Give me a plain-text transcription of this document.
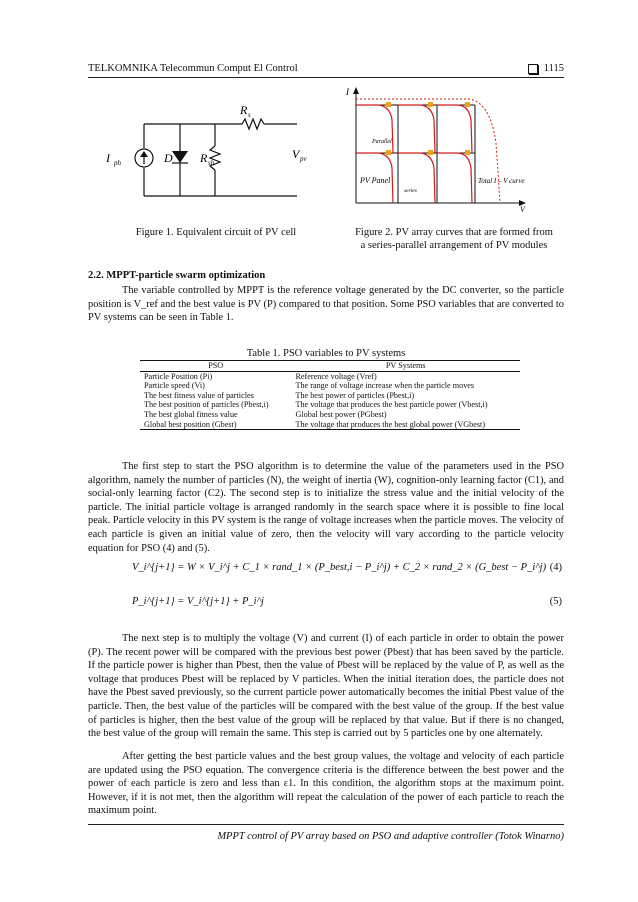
TELKOMNIKA Telecommun Comput El Control	1115
I ph	D R sh
R s
V pv
Figure 1. Equivalent circuit of PV cell
I
V
Parallel
PV Panel
series
Total I – V curve
Figure 2. PV array curves that are formed from
a series-parallel arrangement of PV modules
2.2. MPPT-particle swarm optimization
The variable controlled by MPPT is the reference voltage generated by the DC converter, so the particle position is V_ref and the best value is PV (P) compared to that position. Some PSO variables that are converted to PV systems can be seen in Table 1.
Table 1. PSO variables to PV systems
PSO	PV Systems
Particle Position (Pi)	Reference voltage (Vref)
Particle speed (Vi)	The range of voltage increase when the particle moves
The best fitness value of particles	The best power of particles (Pbest,i)
The best position of particles (Pbest,i)	The voltage that produces the best particle power (Vbest,i)
The best global fitness value	Global best power (PGbest)
Global best position (Gbest)	The voltage that produces the best global power (VGbest)
The first step to start the PSO algorithm is to determine the value of the parameters used in the PSO algorithm, namely the number of particles (N), the weight of inertia (W), cognition-only learning factor (C1), and social-only learning factor (C2). The second step is to initialize the stress value and the initial velocity of the particle. The initial particle voltage is arranged randomly in the search space where it is possible to fine local peak. Particle velocity in this PV system is the range of voltage increases when the particle moves. The velocity of each particle is given an initial value of zero, then the velocity will vary according to the particle velocity equation for PSO (4) and (5).
V_i^{j+1} = W × V_i^j + C_1 × rand_1 × (P_best,i − P_i^j) + C_2 × rand_2 × (G_best − P_i^j) (4)
P_i^{j+1} = V_i^{j+1} + P_i^j	(5)
The next step is to multiply the voltage (V) and current (I) of each particle in order to obtain the power (P). The recent power will be compared with the previous best power (Pbest) that has been saved by the particle. If the particle power is higher than Pbest, then the value of Pbest will be replaced by the value of P, as well as the voltage that produces Pbest will be replaced by V particles. When the initial iteration does, the particle does not have the Pbest saved previously, so the current particle power automatically becomes the initial Pbest value of the particle. Then, the best value of the particles will be compared with the best value of the group. If the best value of particles is higher, then the best value of the group will be replaced by that value. But if there is no changed, the best value of the group will remain the same. This step is carried out by 5 particles one by one alternately.
After getting the best particle values and the best group values, the voltage and velocity of each particle are updated using the PSO equation. The convergence criteria is the difference between the best power and the power of each particle is zero and less than ε1. In this condition, the algorithm stops at the maximum point. However, if it is not met, then the algorithm will repeat the calculation of the power of each particle to reach the maximum point.
MPPT control of PV array based on PSO and adaptive controller (Totok Winarno)
